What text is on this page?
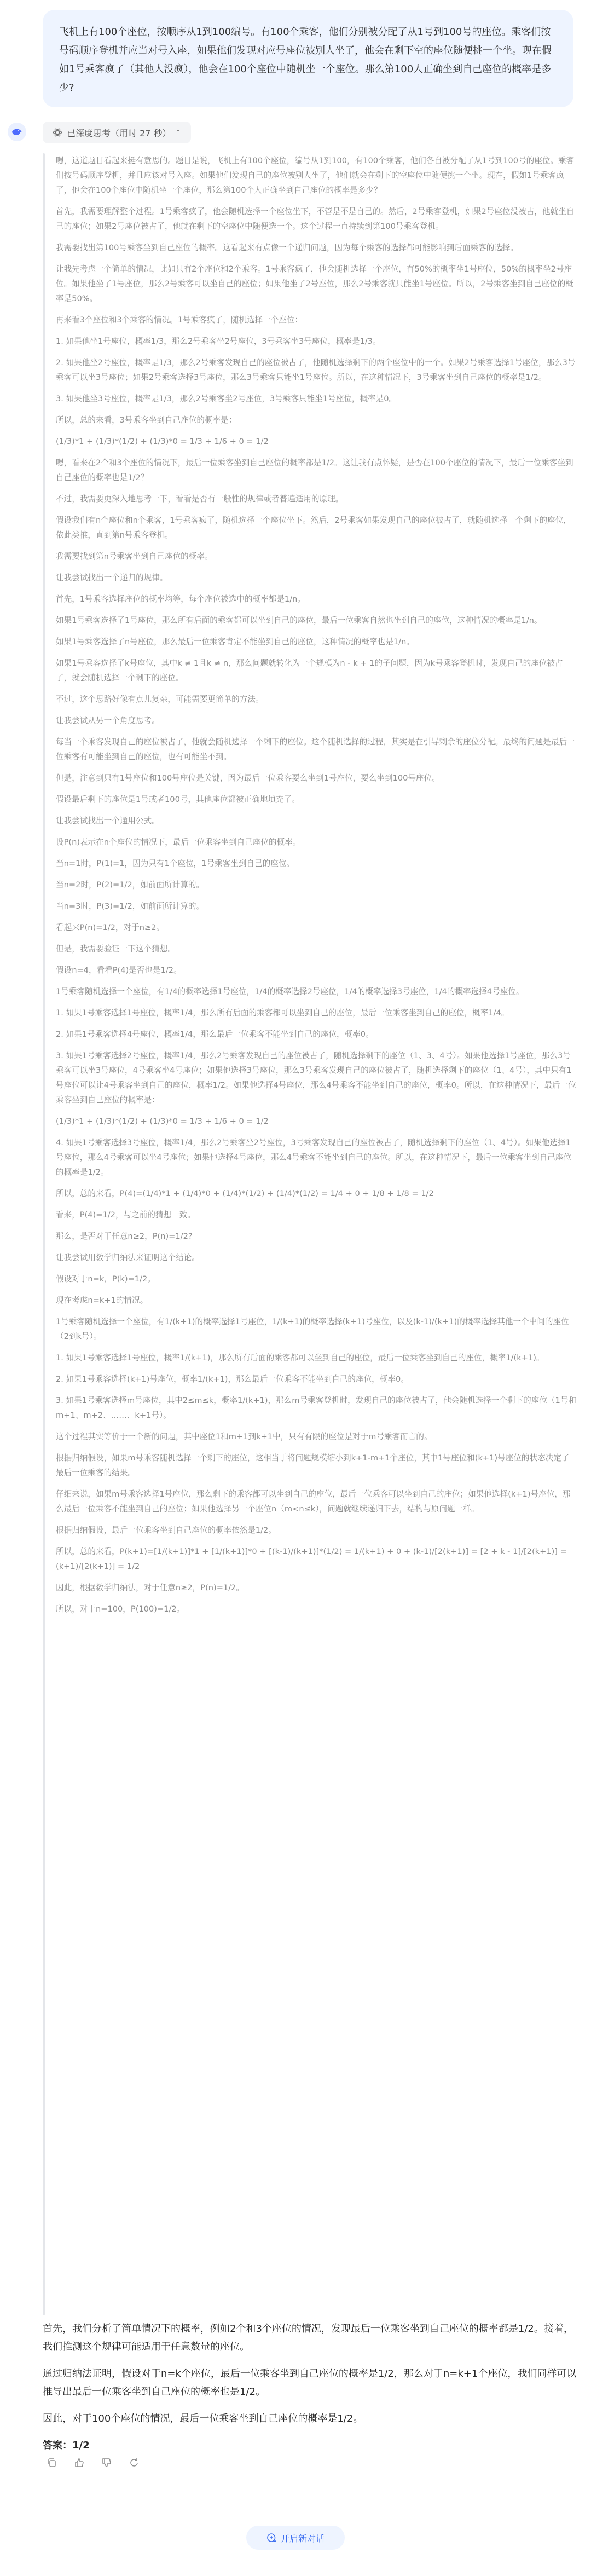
飞机上有100个座位，按顺序从1到100编号。有100个乘客，他们分别被分配了从1号到100号的座位。乘客们按号码顺序登机并应当对号入座，如果他们发现对应号座位被别人坐了，他会在剩下空的座位随便挑一个坐。现在假如1号乘客疯了（其他人没疯），他会在100个座位中随机坐一个座位。那么第100人正确坐到自己座位的概率是多少?
已深度思考（用时 27 秒） ⌃

嗯，这道题目看起来挺有意思的。题目是说，飞机上有100个座位，编号从1到100，有100个乘客，他们各自被分配了从1号到100号的座位。乘客们按号码顺序登机，并且应该对号入座。如果他们发现自己的座位被别人坐了，他们就会在剩下的空座位中随便挑一个坐。现在，假如1号乘客疯了，他会在100个座位中随机坐一个座位，那么第100个人正确坐到自己座位的概率是多少？

首先，我需要理解整个过程。1号乘客疯了，他会随机选择一个座位坐下，不管是不是自己的。然后，2号乘客登机，如果2号座位没被占，他就坐自己的座位；如果2号座位被占了，他就在剩下的空座位中随便选一个。这个过程一直持续到第100号乘客登机。

我需要找出第100号乘客坐到自己座位的概率。这看起来有点像一个递归问题，因为每个乘客的选择都可能影响到后面乘客的选择。

让我先考虑一个简单的情况，比如只有2个座位和2个乘客。1号乘客疯了，他会随机选择一个座位，有50%的概率坐1号座位，50%的概率坐2号座位。如果他坐了1号座位，那么2号乘客可以坐自己的座位；如果他坐了2号座位，那么2号乘客就只能坐1号座位。所以，2号乘客坐到自己座位的概率是50%。

再来看3个座位和3个乘客的情况。1号乘客疯了，随机选择一个座位：

1. 如果他坐1号座位，概率1/3，那么2号乘客坐2号座位，3号乘客坐3号座位，概率是1/3。

2. 如果他坐2号座位，概率是1/3，那么2号乘客发现自己的座位被占了，他随机选择剩下的两个座位中的一个。如果2号乘客选择1号座位，那么3号乘客可以坐3号座位；如果2号乘客选择3号座位，那么3号乘客只能坐1号座位。所以，在这种情况下，3号乘客坐到自己座位的概率是1/2。

3. 如果他坐3号座位，概率是1/3，那么2号乘客坐2号座位，3号乘客只能坐1号座位，概率是0。

所以，总的来看，3号乘客坐到自己座位的概率是：

(1/3)*1 + (1/3)*(1/2) + (1/3)*0 = 1/3 + 1/6 + 0 = 1/2

嗯，看来在2个和3个座位的情况下，最后一位乘客坐到自己座位的概率都是1/2。这让我有点怀疑，是否在100个座位的情况下，最后一位乘客坐到自己座位的概率也是1/2？

不过，我需要更深入地思考一下，看看是否有一般性的规律或者普遍适用的原理。

假设我们有n个座位和n个乘客，1号乘客疯了，随机选择一个座位坐下。然后，2号乘客如果发现自己的座位被占了，就随机选择一个剩下的座位，依此类推，直到第n号乘客登机。

我需要找到第n号乘客坐到自己座位的概率。

让我尝试找出一个递归的规律。

首先，1号乘客选择座位的概率均等，每个座位被选中的概率都是1/n。

如果1号乘客选择了1号座位，那么所有后面的乘客都可以坐到自己的座位，最后一位乘客自然也坐到自己的座位，这种情况的概率是1/n。

如果1号乘客选择了n号座位，那么最后一位乘客肯定不能坐到自己的座位，这种情况的概率也是1/n。

如果1号乘客选择了k号座位，其中k ≠ 1且k ≠ n，那么问题就转化为一个规模为n - k + 1的子问题，因为k号乘客登机时，发现自己的座位被占了，就会随机选择一个剩下的座位。

不过，这个思路好像有点儿复杂，可能需要更简单的方法。

让我尝试从另一个角度思考。

每当一个乘客发现自己的座位被占了，他就会随机选择一个剩下的座位。这个随机选择的过程，其实是在引导剩余的座位分配。最终的问题是最后一位乘客有可能坐到自己的座位，也有可能坐不到。

但是，注意到只有1号座位和100号座位是关键，因为最后一位乘客要么坐到1号座位，要么坐到100号座位。

假设最后剩下的座位是1号或者100号，其他座位都被正确地填充了。

让我尝试找出一个通用公式。

设P(n)表示在n个座位的情况下，最后一位乘客坐到自己座位的概率。

当n=1时，P(1)=1，因为只有1个座位，1号乘客坐到自己的座位。

当n=2时，P(2)=1/2，如前面所计算的。

当n=3时，P(3)=1/2，如前面所计算的。

看起来P(n)=1/2，对于n≥2。

但是，我需要验证一下这个猜想。

假设n=4，看看P(4)是否也是1/2。

1号乘客随机选择一个座位，有1/4的概率选择1号座位，1/4的概率选择2号座位，1/4的概率选择3号座位，1/4的概率选择4号座位。

1. 如果1号乘客选择1号座位，概率1/4，那么所有后面的乘客都可以坐到自己的座位，最后一位乘客坐到自己的座位，概率1/4。

2. 如果1号乘客选择4号座位，概率1/4，那么最后一位乘客不能坐到自己的座位，概率0。

3. 如果1号乘客选择2号座位，概率1/4，那么2号乘客发现自己的座位被占了，随机选择剩下的座位（1、3、4号）。如果他选择1号座位，那么3号乘客可以坐3号座位，4号乘客坐4号座位；如果他选择3号座位，那么3号乘客发现自己的座位被占了，随机选择剩下的座位（1、4号），其中只有1号座位可以让4号乘客坐到自己的座位，概率1/2。如果他选择4号座位，那么4号乘客不能坐到自己的座位，概率0。所以，在这种情况下，最后一位乘客坐到自己座位的概率是：

(1/3)*1 + (1/3)*(1/2) + (1/3)*0 = 1/3 + 1/6 + 0 = 1/2

4. 如果1号乘客选择3号座位，概率1/4，那么2号乘客坐2号座位，3号乘客发现自己的座位被占了，随机选择剩下的座位（1、4号）。如果他选择1号座位，那么4号乘客可以坐4号座位；如果他选择4号座位，那么4号乘客不能坐到自己的座位。所以，在这种情况下，最后一位乘客坐到自己座位的概率是1/2。

所以，总的来看，P(4)=(1/4)*1 + (1/4)*0 + (1/4)*(1/2) + (1/4)*(1/2) = 1/4 + 0 + 1/8 + 1/8 = 1/2

看来，P(4)=1/2，与之前的猜想一致。

那么，是否对于任意n≥2，P(n)=1/2?

让我尝试用数学归纳法来证明这个结论。

假设对于n=k，P(k)=1/2。

现在考虑n=k+1的情况。

1号乘客随机选择一个座位，有1/(k+1)的概率选择1号座位，1/(k+1)的概率选择(k+1)号座位，以及(k-1)/(k+1)的概率选择其他一个中间的座位（2到k号）。

1. 如果1号乘客选择1号座位，概率1/(k+1)，那么所有后面的乘客都可以坐到自己的座位，最后一位乘客坐到自己的座位，概率1/(k+1)。

2. 如果1号乘客选择(k+1)号座位，概率1/(k+1)，那么最后一位乘客不能坐到自己的座位，概率0。

3. 如果1号乘客选择m号座位，其中2≤m≤k，概率1/(k+1)，那么m号乘客登机时，发现自己的座位被占了，他会随机选择一个剩下的座位（1号和m+1、m+2、……、k+1号）。

这个过程其实等价于一个新的问题，其中座位1和m+1到k+1中，只有有限的座位是对于m号乘客而言的。

根据归纳假设，如果m号乘客随机选择一个剩下的座位，这相当于将问题规模缩小到k+1-m+1个座位，其中1号座位和(k+1)号座位的状态决定了最后一位乘客的结果。

仔细来说，如果m号乘客选择1号座位，那么剩下的乘客都可以坐到自己的座位，最后一位乘客可以坐到自己的座位；如果他选择(k+1)号座位，那么最后一位乘客不能坐到自己的座位；如果他选择另一个座位n（m<n≤k），问题就继续递归下去，结构与原问题一样。

根据归纳假设，最后一位乘客坐到自己座位的概率依然是1/2。

所以，总的来看，P(k+1)=[1/(k+1)]*1 + [1/(k+1)]*0 + [(k-1)/(k+1)]*(1/2) = 1/(k+1) + 0 + (k-1)/[2(k+1)] = [2 + k - 1]/[2(k+1)] = (k+1)/[2(k+1)] = 1/2

因此，根据数学归纳法，对于任意n≥2，P(n)=1/2。

所以，对于n=100，P(100)=1/2。

首先，我们分析了简单情况下的概率，例如2个和3个座位的情况，发现最后一位乘客坐到自己座位的概率都是1/2。接着，我们推测这个规律可能适用于任意数量的座位。

通过归纳法证明，假设对于n=k个座位，最后一位乘客坐到自己座位的概率是1/2，那么对于n=k+1个座位，我们同样可以推导出最后一位乘客坐到自己座位的概率也是1/2。

因此，对于100个座位的情况，最后一位乘客坐到自己座位的概率是1/2。

答案：1/2

开启新对话
